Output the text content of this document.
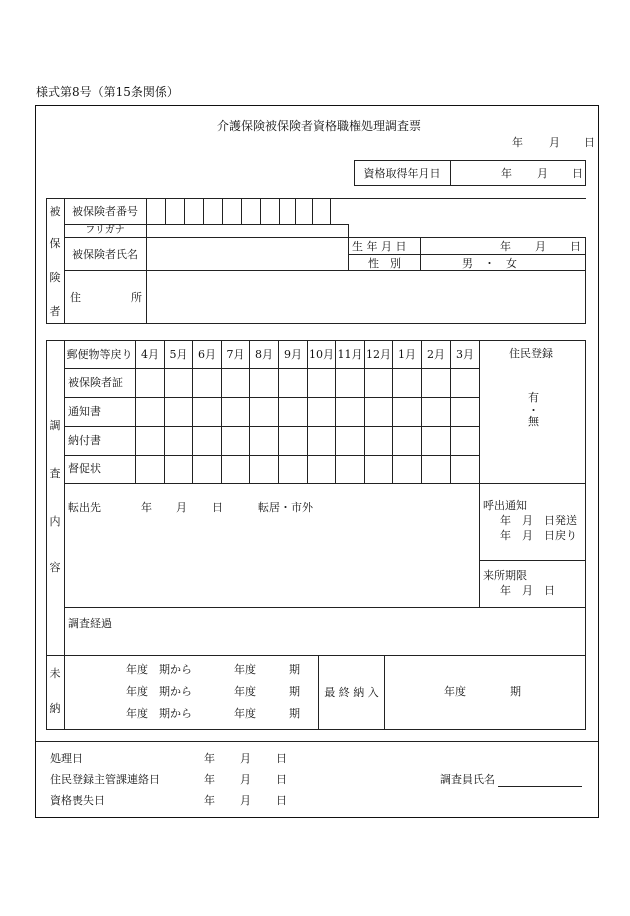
様式第8号（第15条関係）
介護保険被保険者資格職権処理調査票
年 月 日
資格取得年月日	年 月 日
被
保
険
者
被保険者番号
フリガナ
被保険者氏名
生 年 月 日	年 月 日
性　別	男　・　女
住	所
調
査
内
容
郵便物等戻り 4月 5月 6月 7月 8月	9月 10月 11月 12月 1月	2月	3月
被保険者証
通知書
納付書
督促状
住民登録
有
・
無
転出先	年 月 日	転居・市外	呼出通知
年　月　日発送
年　月　日戻り
来所期限
年　月　日
調査経過
未
納
年度　期から	年度　　　期
年度　期から	年度　　　期
年度　期から	年度　　　期
最 終 納 入	年度　　　　期
処理日	年 月 日
住民登録主管課連絡日	年 月 日
資格喪失日	年 月 日
調査員氏名
